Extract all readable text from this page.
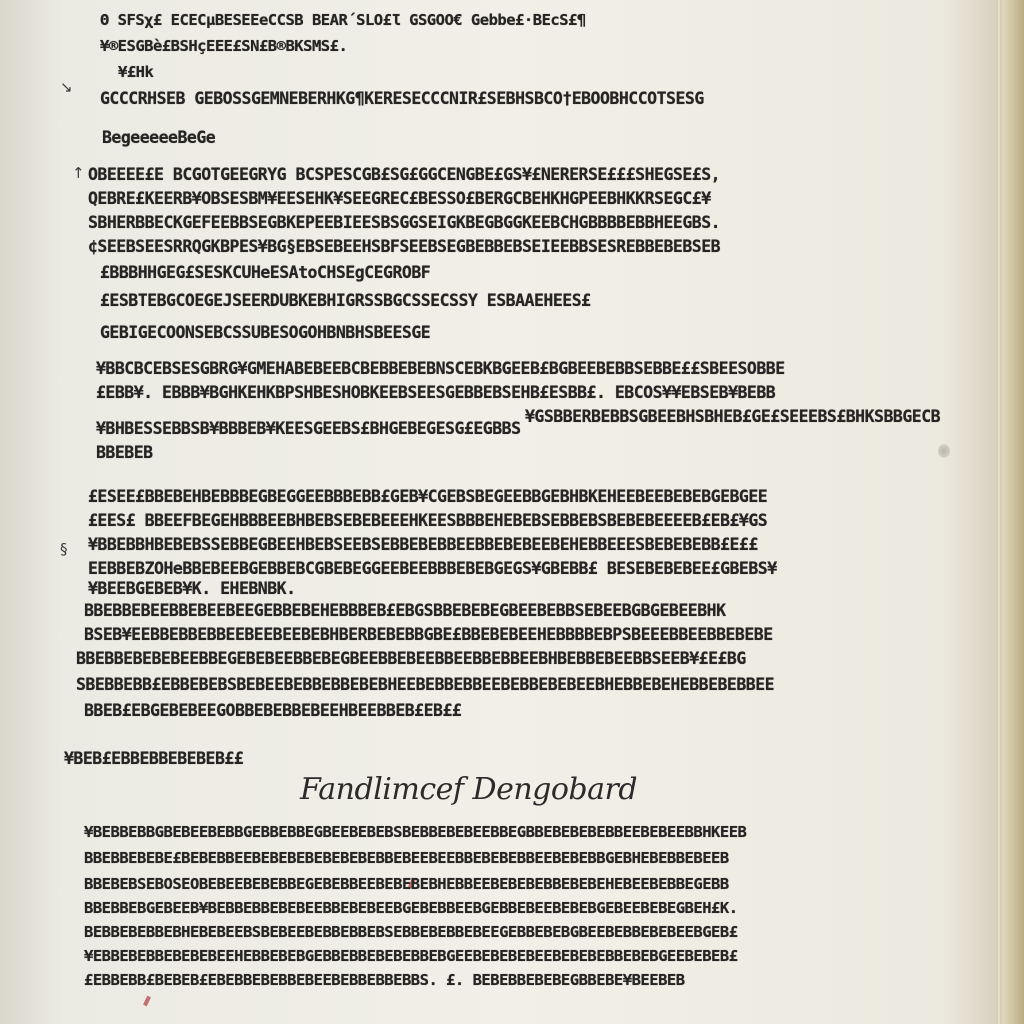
↘
↑
§
Θ SFSχ£ ECECµBESEEeCCSB BEAR´SLO£Ɩ GSGOO€ Gebbe£·BEcS£¶
¥®ESGBè£BSHçEEE£SN£B®BKSMS£.
¥£Hk
GCCCRHSEB GEBOSSGEMNEBERHKG¶KERESECCCNIR£SEBHSBCO†EBOOBHCCOTSESG
BegeeeeeBeGe
OBEEEE£E BCGOTGEEGRYG BCSPESCGB£SG£GGCENGBE£GS¥£NERERSE£££SHEGSE£S,
QEBRE£KEERB¥OBSESBM¥EESEHK¥SEEGREC£BESSO£BERGCBEHKHGPEEBHKKRSEGC£¥
SBHERBBECKGEFEEBBSEGBKEPEEBIEESBSGGSEIGKBEGBGGKEEBCHGBBBBEBBHEEGBS.
¢SEEBSEESRRQGKBPES¥BG§EBSEBEEHSBFSEEBSEGBEBBEBSEIEEBBSESREBBEBEBSEB
£BBBHHGEG£SESKCUHeESAtoCHSEgCEGROBF
£ESBTEBGCOEGEJSEERDUBKEBHIGRSSBGCSSECSSY ESBAAEHEES£
GEBIGECOONSEBCSSUBESOGOHBNBHSBEESGE
¥BBCBCEBSESGBRG¥GMEHABEBEEBCBEBBEBEBNSCEBKBGEEB£BGBEEBEBBSEBBE££SBEESOBBE
£EBB¥. EBBB¥BGHKEHKBPSHBESHOBKEEBSEESGEBBEBSEHB£ESBB£. EBCOS¥¥EBSEB¥BEBB
¥GSBBERBEBBSGBEEBHSBHEB£GE£SEEEBS£BHKSBBGECB
¥BHBESSEBBSB¥BBBEB¥KEESGEEBS£BHGEBEGESG£EGBBS
BBEBEB
£ESEE£BBEBEHBEBBBEGBEGGEEBBBEBB£GEB¥CGEBSBEGEEBBGEBHBKEHEEBEEBEBEBGEBGEE
£EES£ BBEEFBEGEHBBBEEBHBEBSEBEBEEEHKEESBBBEHEBEBSEBBEBSBEBEBEEEEB£EB£¥GS
¥BBEBBHBEBEBSSEBBEGBEEHBEBSEEBSEBBEBEBBEEBBEBEBEEBEHEBBEEESBEBEBEBB£E££
EEBBEBZOHeBBEBEEBGEBBEBCGBEBEGGEEBEEBBBEBEBGEGS¥GBEBB£ BESEBEBEBEE£GBEBS¥
¥BEEBGEBEB¥K. EHEBNBK.
BBEBBEBEEBBEBEEBEEGEBBEBEHEBBBEB£EBGSBBEBEBEGBEEBEBBSEBEEBGBGEBEEBHK
BSEB¥EEBBEBBEBBEEBEEBEEBEBHBERBEBEBBGBE£BBEBEBEEHEBBBBEBPSBEEEBBEEBBEBEBE
BBEBBEBEBEBEEBBEGEBEBEEBBEBEGBEEBBEBEEBBEEBBEBBEEBHBEBBEBEEBBSEEB¥£E£BG
SBEBBEBB£EBBEBEBSBEBEEBEBBEBBEBEBHEEBEBBEBBEEBEBBEBEBEEBHEBBEBEHEBBEBEBBEE
BBEB£EBGEBEBEEGOBBEBEBBEBEEHBEEBBEB£EB££
¥BEB£EBBEBBEBEBEB££
Fandlimcef Dengobard
¥BEBBEBBGBEBEEBEBBGEBBEBBEGBEEBEBEBSBEBBEBEBEEBBEGBBEBEBEBEBBEEBEBEEBBHKEEB
BBEBBEBEBE£BEBEBBEEBEBEBEBEBEBEBEBBEBEEBEEBBEBEBEBBEEBEBEBBGEBHEBEBBEBEEB
BBEBEBSEBOSEOBEBEEBEBEBBEGEBEBBEEBEBEBEBHEBBEEBEBEBEBBEBEBEHEBEEBEBBEGEBB
BBEBBEBGEBEEB¥BEBBEBBEBEBEEBBEBEBEEBGEBEBBEEBGEBBEBEEBEBEBGEBEEBEBEGBEH£K.
BEBBEBEBBEBHEBEBEEBSBEBEEBEBBEBBEBSEBBEBEBBEBEEGEBBEBEBGBEEBEBBEBEBEEBGEB£
¥EBBEBEBBEBEBEBEEHEBBEBEBGEBBEBBEBEBEBBEBGEEBEBEBEBEEBEBEBEBBEBEBGEEBEBEB£
£EBBEBB£BEBEB£EBEBBEBEBBEBEEBEBBEBBEBBS. £. BEBEBBEBEBEGBBEBE¥BEEBEB
